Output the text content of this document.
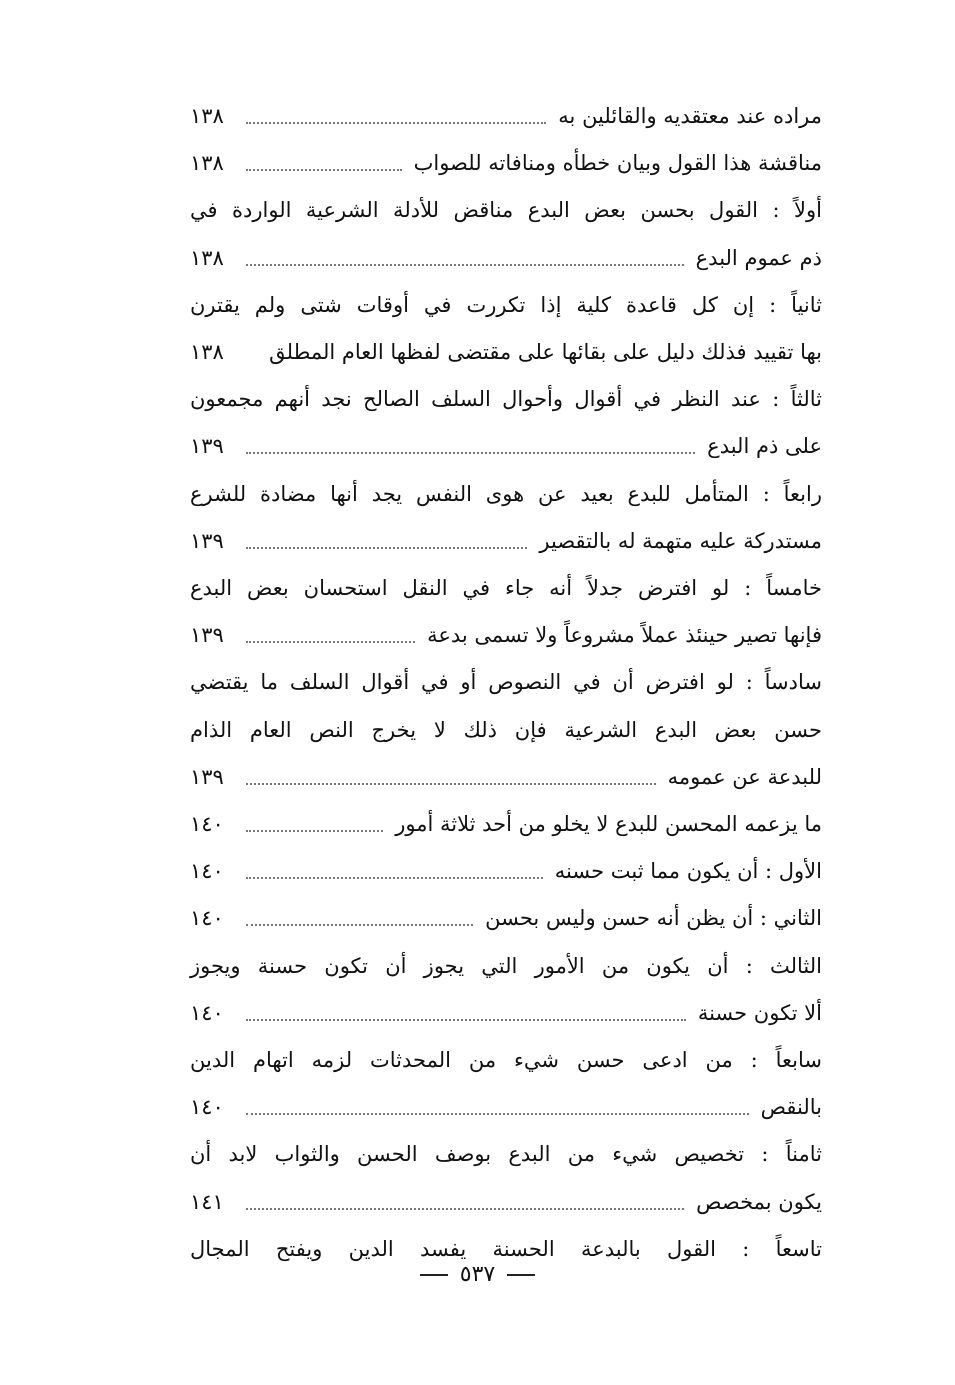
مراده عند معتقديه والقائلين به
١٣٨
مناقشة هذا القول وبيان خطأه ومنافاته للصواب
١٣٨
أولاً : القول بحسن بعض البدع مناقض للأدلة الشرعية الواردة في
ذم عموم البدع
١٣٨
ثانياً : إن كل قاعدة كلية إذا تكررت في أوقات شتى ولم يقترن
بها تقييد فذلك دليل على بقائها على مقتضى لفظها العام المطلق
١٣٨
ثالثاً : عند النظر في أقوال وأحوال السلف الصالح نجد أنهم مجمعون
على ذم البدع
١٣٩
رابعاً : المتأمل للبدع بعيد عن هوى النفس يجد أنها مضادة للشرع
مستدركة عليه متهمة له بالتقصير
١٣٩
خامساً : لو افترض جدلاً أنه جاء في النقل استحسان بعض البدع
فإنها تصير حينئذ عملاً مشروعاً ولا تسمى بدعة
١٣٩
سادساً : لو افترض أن في النصوص أو في أقوال السلف ما يقتضي
حسن بعض البدع الشرعية فإن ذلك لا يخرج النص العام الذام
للبدعة عن عمومه
١٣٩
ما يزعمه المحسن للبدع لا يخلو من أحد ثلاثة أمور
١٤٠
الأول : أن يكون مما ثبت حسنه
١٤٠
الثاني : أن يظن أنه حسن وليس بحسن
١٤٠
الثالث : أن يكون من الأمور التي يجوز أن تكون حسنة ويجوز
ألا تكون حسنة
١٤٠
سابعاً : من ادعى حسن شيء من المحدثات لزمه اتهام الدين
بالنقص
١٤٠
ثامناً : تخصيص شيء من البدع بوصف الحسن والثواب لابد أن
يكون بمخصص
١٤١
تاسعاً : القول بالبدعة الحسنة يفسد الدين ويفتح المجال
٥٣٧
